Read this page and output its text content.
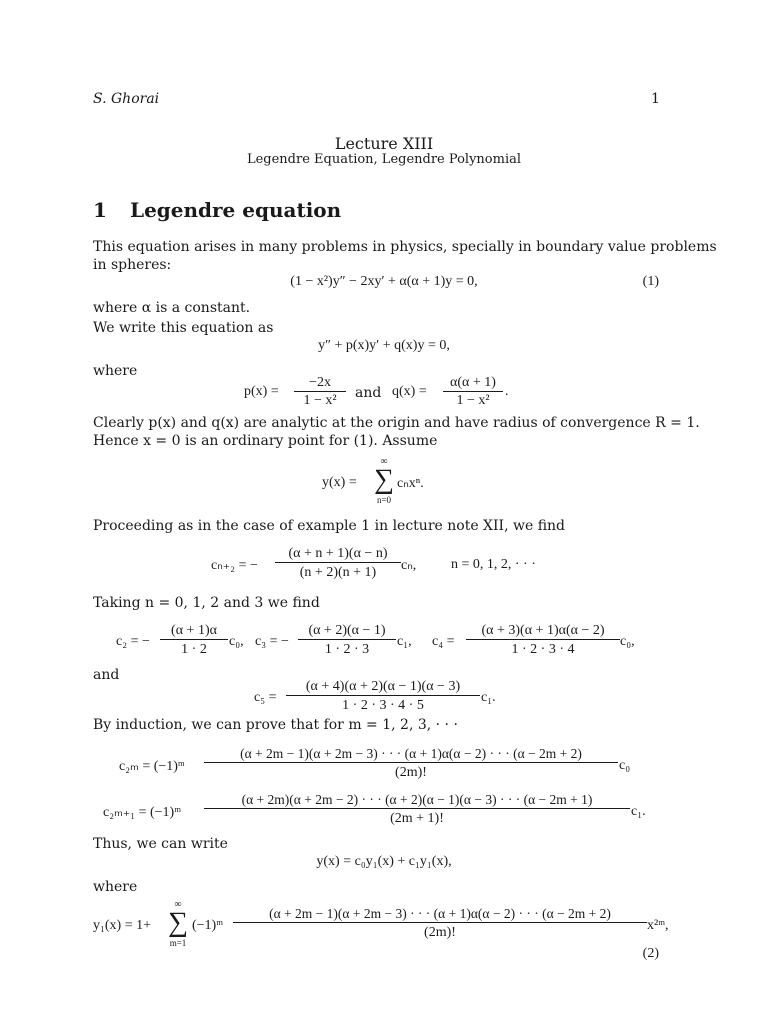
S. Ghorai	1
Lecture XIII
Legendre Equation, Legendre Polynomial
1 Legendre equation
This equation arises in many problems in physics, specially in boundary value problems
in spheres:
(1 − x²)y″ − 2xy′ + α(α + 1)y = 0,	(1)
where α is a constant.
We write this equation as
y″ + p(x)y′ + q(x)y = 0,
where
p(x) =
−2x
1 − x²	and q(x) =
α(α + 1)
1 − x²
.
Clearly p(x) and q(x) are analytic at the origin and have radius of convergence R = 1.
Hence x = 0 is an ordinary point for (1). Assume
y(x) =
∞
∑
n=0
cₙxⁿ.
Proceeding as in the case of example 1 in lecture note XII, we find
cₙ₊₂ = −
(α + n + 1)(α − n)
(n + 2)(n + 1)	cₙ, n = 0, 1, 2, · · ·
Taking n = 0, 1, 2 and 3 we find
c₂ = −
(α + 1)α
1 · 2
c₀, c₃ = −
(α + 2)(α − 1)
1 · 2 · 3
c₁, c₄ =
(α + 3)(α + 1)α(α − 2)
1 · 2 · 3 · 4
c₀,
and
c₅ =
(α + 4)(α + 2)(α − 1)(α − 3)
1 · 2 · 3 · 4 · 5
c₁.
By induction, we can prove that for m = 1, 2, 3, · · ·
c₂ₘ = (−1)ᵐ
(α + 2m − 1)(α + 2m − 3) · · · (α + 1)α(α − 2) · · · (α − 2m + 2)
(2m)!	c₀
c₂ₘ₊₁ = (−1)ᵐ
(α + 2m)(α + 2m − 2) · · · (α + 2)(α − 1)(α − 3) · · · (α − 2m + 1)
(2m + 1)!	c₁.
Thus, we can write
y(x) = c₀y₁(x) + c₁y₁(x),
where
y₁(x) = 1+
∞
∑
m=1
(−1)ᵐ
(α + 2m − 1)(α + 2m − 3) · · · (α + 1)α(α − 2) · · · (α − 2m + 2)
(2m)!	x²ᵐ,
(2)
